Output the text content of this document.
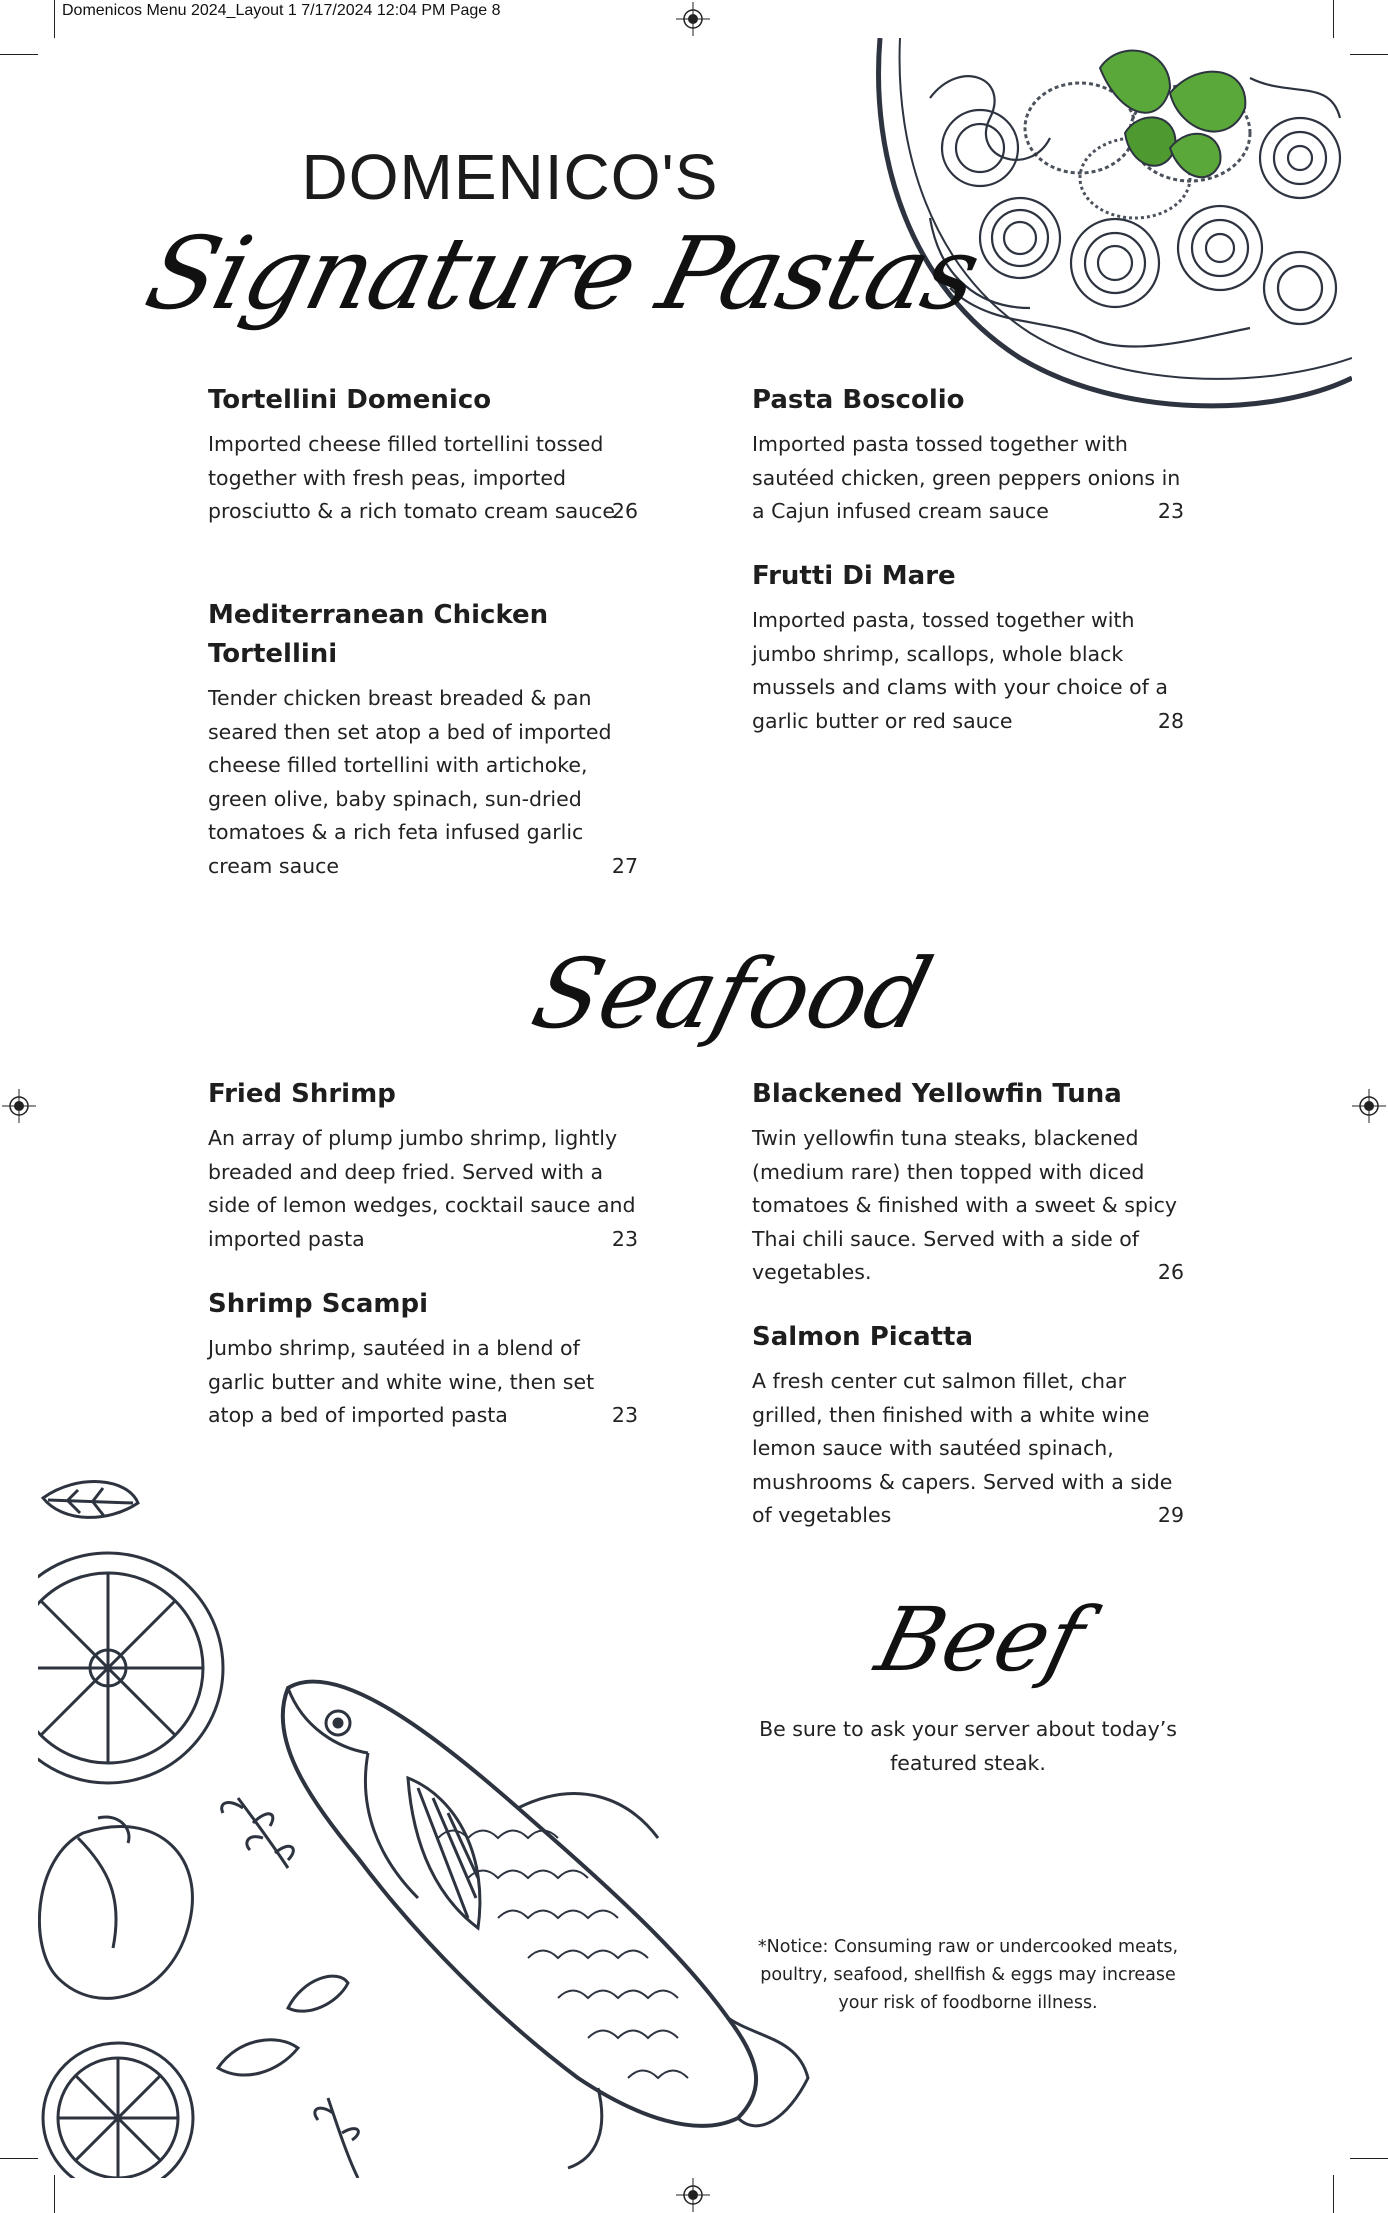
Domenicos Menu 2024_Layout 1 7/17/2024 12:04 PM Page 8
DOMENICO'S
Signature Pastas
Tortellini Domenico

Imported cheese filled tortellini tossed together with fresh peas, imported prosciutto & a rich tomato cream sauce
26

Mediterranean Chicken Tortellini

Tender chicken breast breaded & pan seared then set atop a bed of imported cheese filled tortellini with artichoke, green olive, baby spinach, sun-dried tomatoes & a rich feta infused garlic cream sauce	27

Pasta Boscolio

Imported pasta tossed together with sautéed chicken, green peppers onions in a Cajun infused cream sauce	23

Frutti Di Mare

Imported pasta, tossed together with jumbo shrimp, scallops, whole black mussels and clams with your choice of a garlic butter or red sauce	28

Seafood
Fried Shrimp

An array of plump jumbo shrimp, lightly breaded and deep fried. Served with a side of lemon wedges, cocktail sauce and imported pasta	23

Shrimp Scampi

Jumbo shrimp, sautéed in a blend of garlic butter and white wine, then set atop a bed of imported pasta	23

Blackened Yellowfin Tuna

Twin yellowfin tuna steaks, blackened (medium rare) then topped with diced tomatoes & finished with a sweet & spicy Thai chili sauce. Served with a side of vegetables.	26

Salmon Picatta

A fresh center cut salmon fillet, char grilled, then finished with a white wine lemon sauce with sautéed spinach, mushrooms & capers. Served with a side of vegetables	29

Beef
Be sure to ask your server about today’s featured steak.
*Notice: Consuming raw or undercooked meats, poultry, seafood, shellfish & eggs may increase your risk of foodborne illness.
